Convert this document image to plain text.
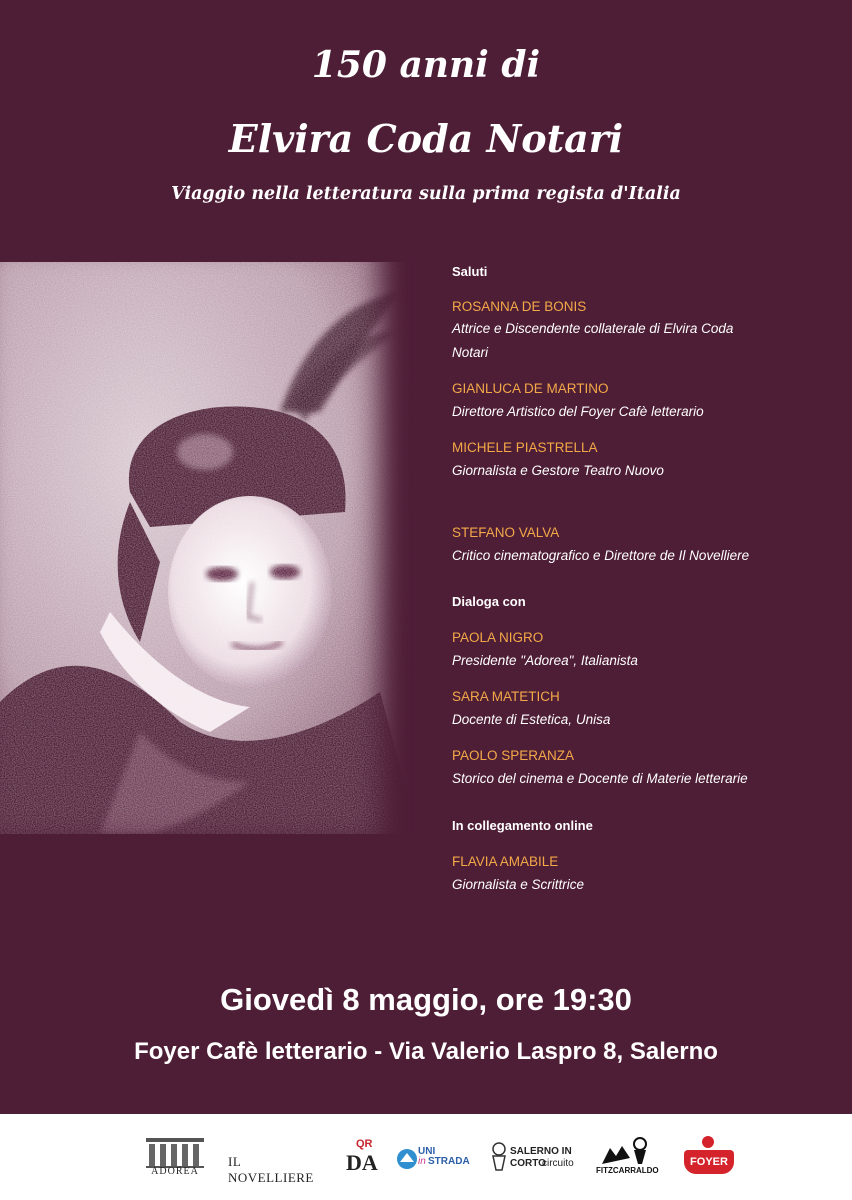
150 anni di
Elvira Coda Notari
Viaggio nella letteratura sulla prima regista d'Italia
Saluti
ROSANNA DE BONIS
Attrice e Discendente collaterale di Elvira Coda
Notari
GIANLUCA DE MARTINO
Direttore Artistico del Foyer Cafè letterario
MICHELE PIASTRELLA
Giornalista e Gestore Teatro Nuovo
STEFANO VALVA
Critico cinematografico e Direttore de Il Novelliere
Dialoga con
PAOLA NIGRO
Presidente "Adorea", Italianista
SARA MATETICH
Docente di Estetica, Unisa
PAOLO SPERANZA
Storico del cinema e Docente di Materie letterarie
In collegamento online
FLAVIA AMABILE
Giornalista e Scrittrice
Giovedì 8 maggio, ore 19:30
Foyer Cafè letterario - Via Valerio Laspro 8, Salerno
ADOREA
IL NOVELLIERE
QR
DA	UNI
in STRADA
SALERNO IN
CORTO
circuito
FITZCARRALDO
FOYER
